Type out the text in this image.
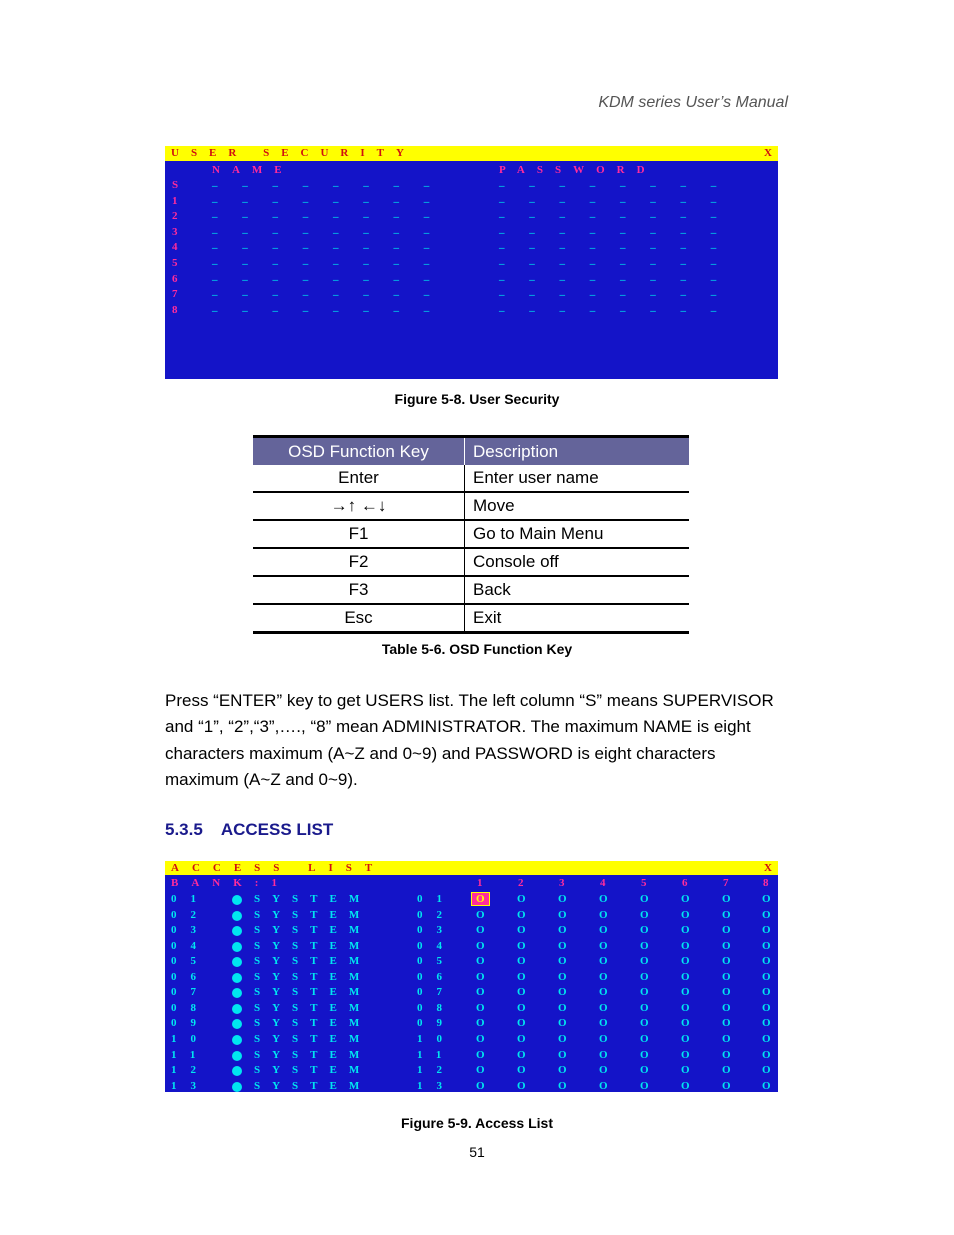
KDM series User’s Manual
USER SECURITY	X
NAME	PASSWORD
S	_ _ _ _ _ _ _ _	_ _ _ _ _ _ _ _
1	_ _ _ _ _ _ _ _	_ _ _ _ _ _ _ _
2	_ _ _ _ _ _ _ _	_ _ _ _ _ _ _ _
3	_ _ _ _ _ _ _ _	_ _ _ _ _ _ _ _
4	_ _ _ _ _ _ _ _	_ _ _ _ _ _ _ _
5	_ _ _ _ _ _ _ _	_ _ _ _ _ _ _ _
6	_ _ _ _ _ _ _ _	_ _ _ _ _ _ _ _
7	_ _ _ _ _ _ _ _	_ _ _ _ _ _ _ _
8	_ _ _ _ _ _ _ _	_ _ _ _ _ _ _ _
Figure 5-8. User Security
OSD Function Key	Description
Enter	Enter user name
→↑ ←↓	Move
F1	Go to Main Menu
F2	Console off
F3	Back
Esc	Exit
Table 5-6. OSD Function Key
Press “ENTER” key to get USERS list. The left column “S” means SUPERVISOR and “1”, “2”,“3”,…., “8” mean ADMINISTRATOR. The maximum NAME is eight characters maximum (A~Z and 0~9) and PASSWORD is eight characters maximum (A~Z and 0~9).
5.3.5 ACCESS LIST
ACCESS LIST	X
BANK:1	1	2	3	4	5	6	7	8
01	SYSTEM	01	O	O	O	O	O	O	O	O
02	SYSTEM	02 O	O	O	O	O	O	O	O
03	SYSTEM	03 O	O	O	O	O	O	O	O
04	SYSTEM	04 O	O	O	O	O	O	O	O
05	SYSTEM	05 O	O	O	O	O	O	O	O
06	SYSTEM	06 O	O	O	O	O	O	O	O
07	SYSTEM	07 O	O	O	O	O	O	O	O
08	SYSTEM	08 O	O	O	O	O	O	O	O
09	SYSTEM	09 O	O	O	O	O	O	O	O
10	SYSTEM	10 O	O	O	O	O	O	O	O
11	SYSTEM	11 O	O	O	O	O	O	O	O
12	SYSTEM	12 O	O	O	O	O	O	O	O
13	SYSTEM	13 O	O	O	O	O	O	O	O
Figure 5-9. Access List
51
